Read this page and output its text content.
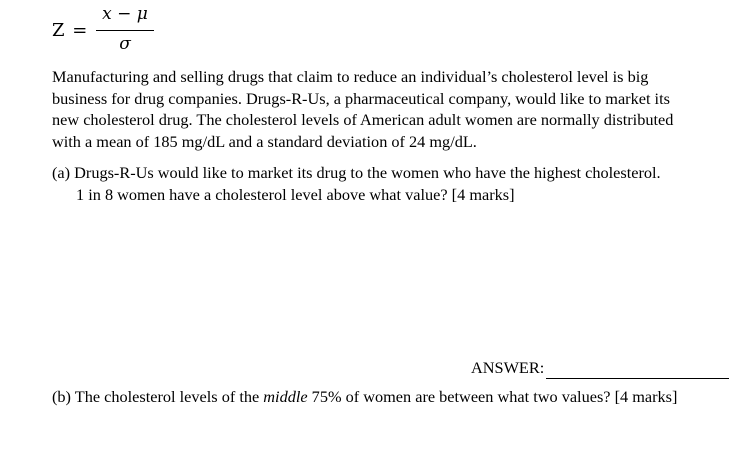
Z =
x − μ
σ
Manufacturing and selling drugs that claim to reduce an individual’s cholesterol level is big
business for drug companies. Drugs-R-Us, a pharmaceutical company, would like to market its
new cholesterol drug. The cholesterol levels of American adult women are normally distributed
with a mean of 185 mg/dL and a standard deviation of 24 mg/dL.
(a) Drugs-R-Us would like to market its drug to the women who have the highest cholesterol.
1 in 8 women have a cholesterol level above what value? [4 marks]
ANSWER:
(b) The cholesterol levels of the middle 75% of women are between what two values? [4 marks]
